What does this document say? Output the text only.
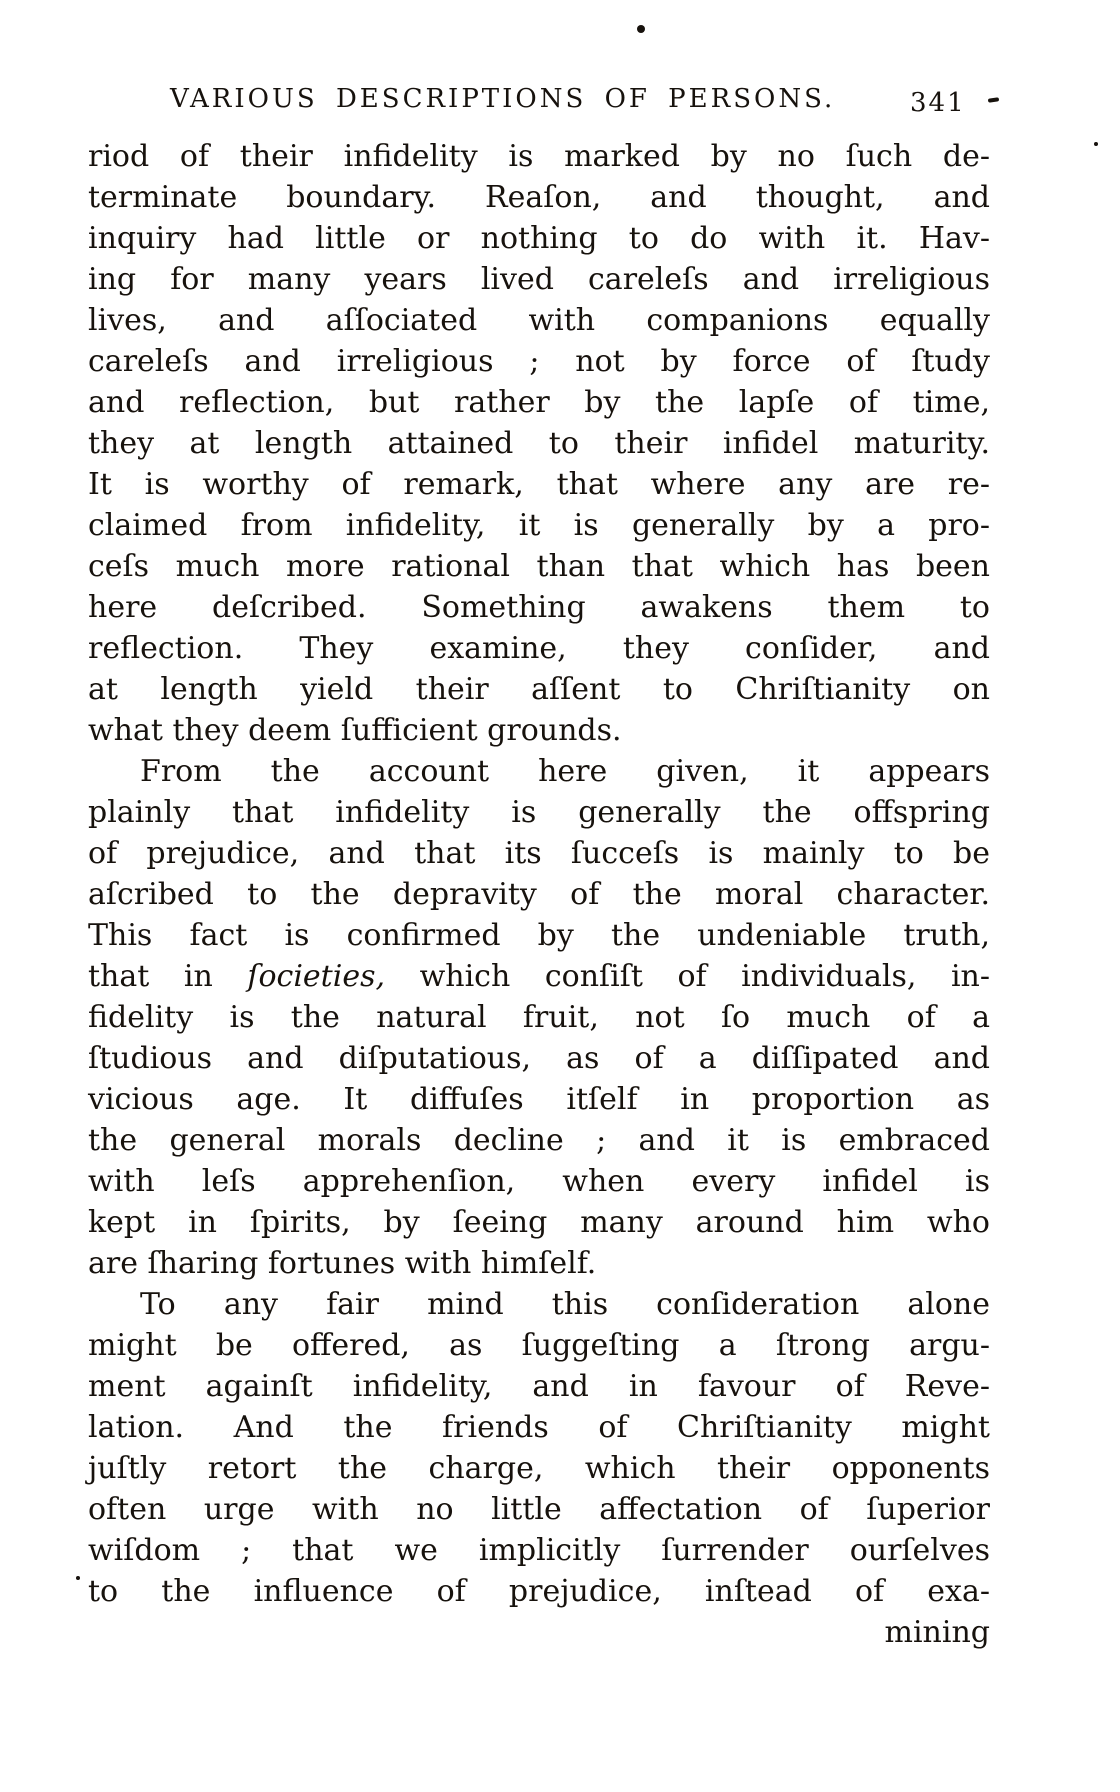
VARIOUS DESCRIPTIONS OF PERSONS.	341
riod of their infidelity is marked by no ſuch de-
terminate boundary. Reaſon, and thought, and
inquiry had little or nothing to do with it. Hav-
ing for many years lived careleſs and irreligious
lives, and aſſociated with companions equally
careleſs and irreligious ; not by force of ſtudy
and reflection, but rather by the lapſe of time,
they at length attained to their infidel maturity.
It is worthy of remark, that where any are re-
claimed from infidelity, it is generally by a pro-
ceſs much more rational than that which has been
here deſcribed. Something awakens them to
reflection. They examine, they conſider, and
at length yield their aſſent to Chriſtianity on
what they deem ſufficient grounds.
From the account here given, it appears
plainly that infidelity is generally the offspring
of prejudice, and that its ſucceſs is mainly to be
aſcribed to the depravity of the moral character.
This fact is confirmed by the undeniable truth,
that in ſocieties, which conſiſt of individuals, in-
fidelity is the natural fruit, not ſo much of a
ſtudious and diſputatious, as of a diſſipated and
vicious age. It diffuſes itſelf in proportion as
the general morals decline ; and it is embraced
with leſs apprehenſion, when every infidel is
kept in ſpirits, by ſeeing many around him who
are ſharing fortunes with himſelf.
To any fair mind this conſideration alone
might be offered, as ſuggeſting a ſtrong argu-
ment againſt infidelity, and in favour of Reve-
lation. And the friends of Chriſtianity might
juſtly retort the charge, which their opponents
often urge with no little affectation of ſuperior
wiſdom ; that we implicitly ſurrender ourſelves
to the influence of prejudice, inſtead of exa-
mining
